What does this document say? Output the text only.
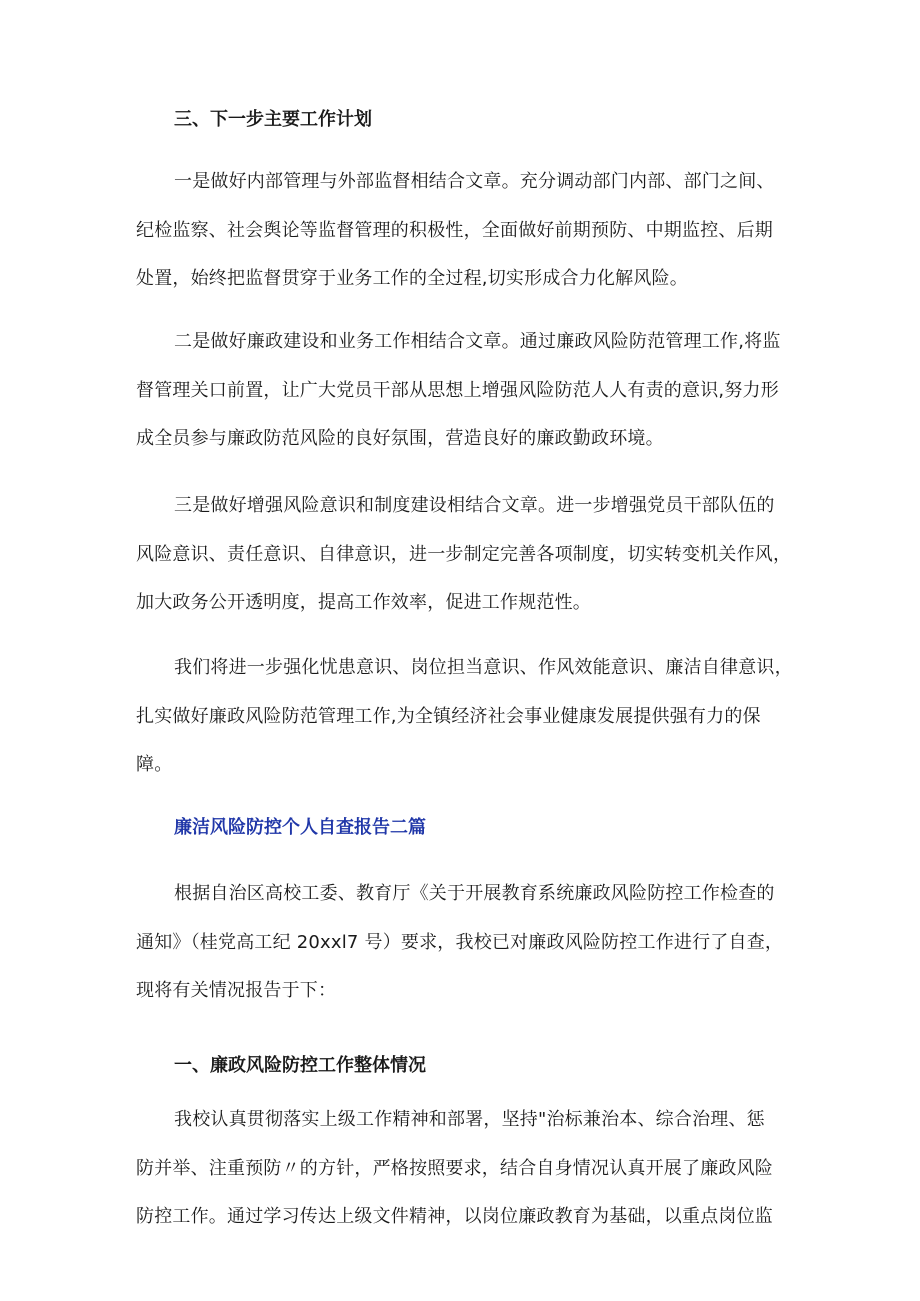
三、下一步主要工作计划
一是做好内部管理与外部监督相结合文章。充分调动部门内部、部门之间、
纪检监察、社会舆论等监督管理的积极性，全面做好前期预防、中期监控、后期
处置，始终把监督贯穿于业务工作的全过程,切实形成合力化解风险。
二是做好廉政建设和业务工作相结合文章。通过廉政风险防范管理工作,将监
督管理关口前置，让广大党员干部从思想上增强风险防范人人有责的意识,努力形
成全员参与廉政防范风险的良好氛围，营造良好的廉政勤政环境。
三是做好增强风险意识和制度建设相结合文章。进一步增强党员干部队伍的
风险意识、责任意识、自律意识，进一步制定完善各项制度，切实转变机关作风，
加大政务公开透明度，提高工作效率，促进工作规范性。
我们将进一步强化忧患意识、岗位担当意识、作风效能意识、廉洁自律意识，
扎实做好廉政风险防范管理工作,为全镇经济社会事业健康发展提供强有力的保
障。
廉洁风险防控个人自查报告二篇
根据自治区高校工委、教育厅《关于开展教育系统廉政风险防控工作检查的
通知》（桂党高工纪 20xxl7 号）要求，我校已对廉政风险防控工作进行了自查，
现将有关情况报告于下：
一、廉政风险防控工作整体情况
我校认真贯彻落实上级工作精神和部署，坚持"治标兼治本、综合治理、惩
防并举、注重预防〃的方针，严格按照要求，结合自身情况认真开展了廉政风险
防控工作。通过学习传达上级文件精神，以岗位廉政教育为基础，以重点岗位监
